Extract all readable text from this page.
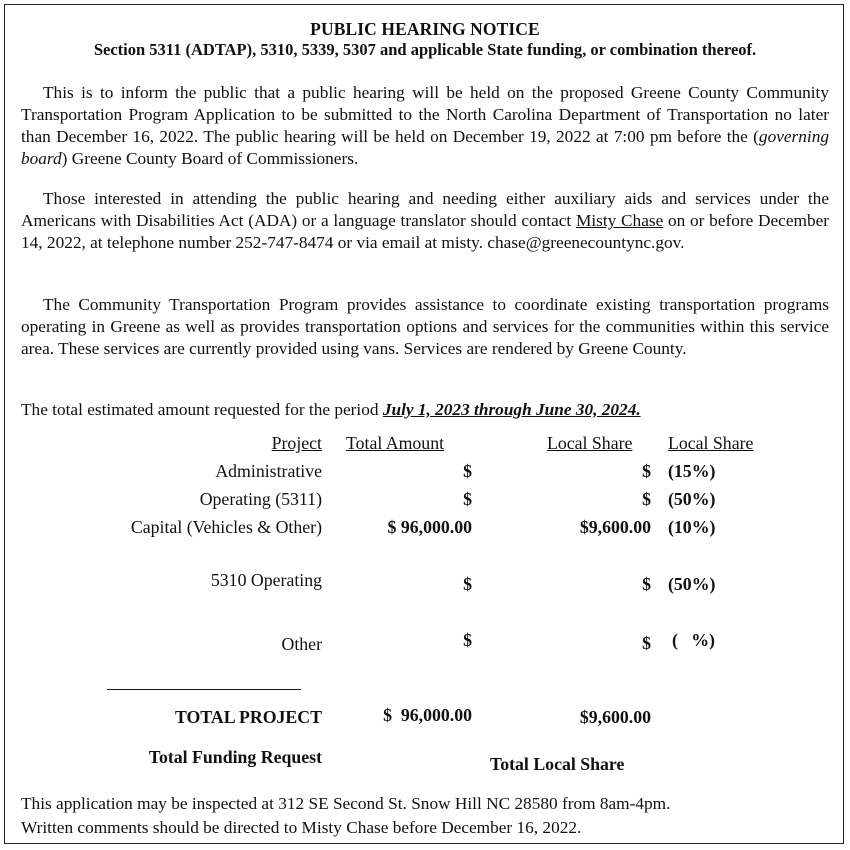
PUBLIC HEARING NOTICE
Section 5311 (ADTAP), 5310, 5339, 5307 and applicable State funding, or combination thereof.
This is to inform the public that a public hearing will be held on the proposed Greene County Community Transportation Program Application to be submitted to the North Carolina Department of Transportation no later than December 16, 2022. The public hearing will be held on December 19, 2022 at 7:00 pm before the (governing board) Greene County Board of Commissioners.
Those interested in attending the public hearing and needing either auxiliary aids and services under the Americans with Disabilities Act (ADA) or a language translator should contact Misty Chase on or before December 14, 2022, at telephone number 252-747-8474 or via email at misty. chase@greenecountync.gov.
The Community Transportation Program provides assistance to coordinate existing transportation programs operating in Greene as well as provides transportation options and services for the communities within this service area. These services are currently provided using vans. Services are rendered by Greene County.
The total estimated amount requested for the period July 1, 2023 through June 30, 2024.
Project Total Amount	Local Share Local Share
Administrative	$	$ (15%)
Operating (5311)	$	$ (50%)
Capital (Vehicles & Other)	$ 96,000.00	$9,600.00 (10%)
5310 Operating	$	$ (50%)
Other	$	$ (   %)
TOTAL PROJECT	$  96,000.00	$9,600.00
Total Funding Request	Total Local Share
This application may be inspected at 312 SE Second St. Snow Hill NC 28580 from 8am-4pm.
Written comments should be directed to Misty Chase before December 16, 2022.
